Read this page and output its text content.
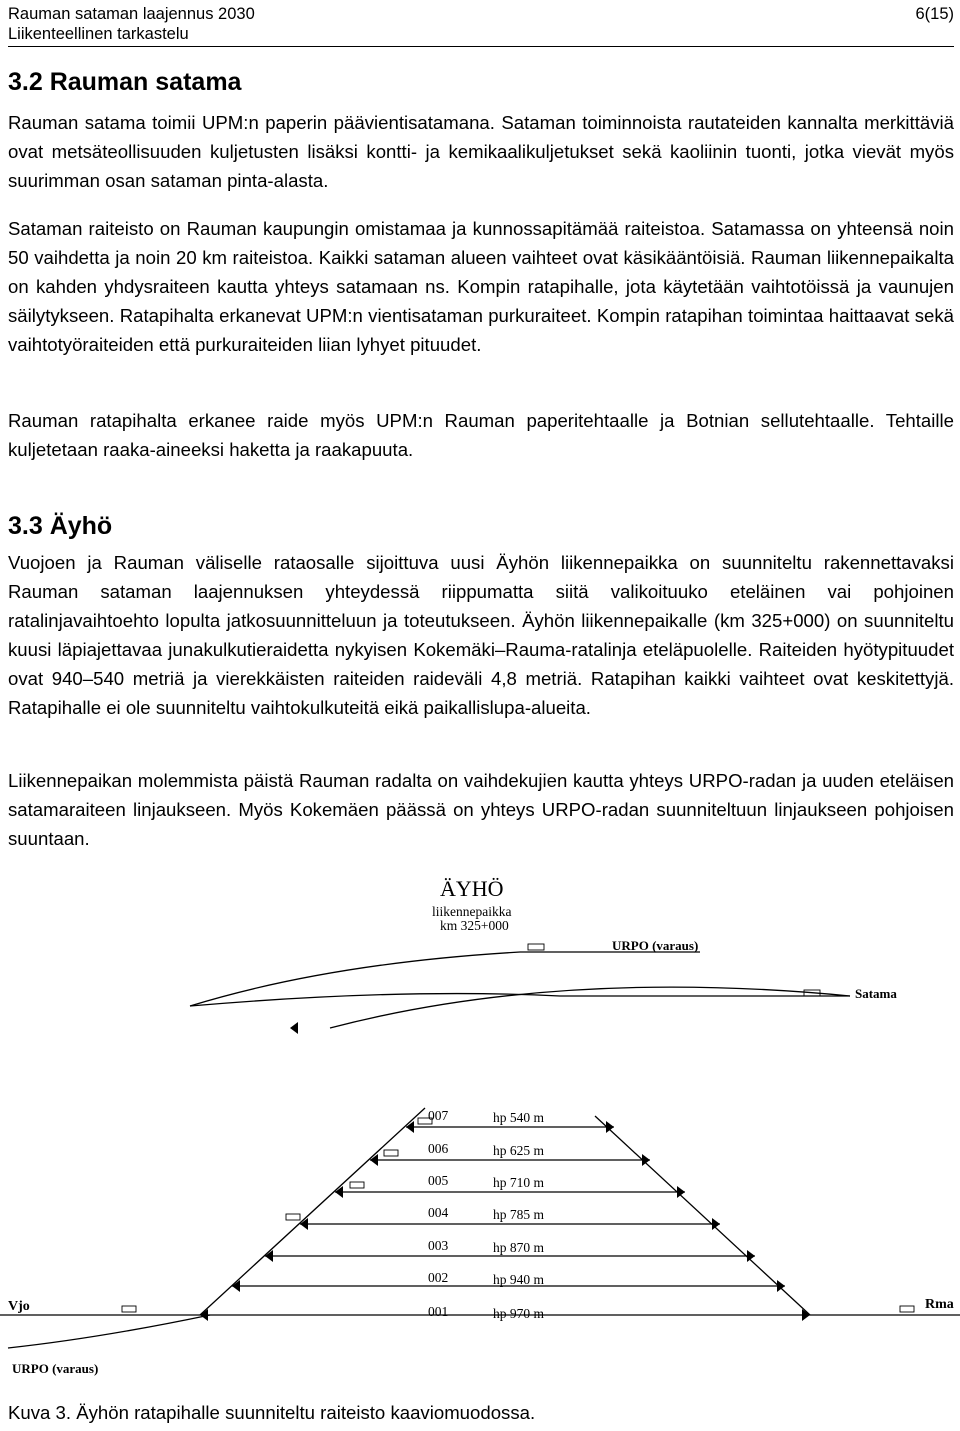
Rauman sataman laajennus 2030	6(15)
Liikenteellinen tarkastelu
3.2 Rauman satama

Rauman satama toimii UPM:n paperin päävientisatamana. Sataman toiminnoista rautateiden kannalta merkittäviä ovat metsäteollisuuden kuljetusten lisäksi kontti- ja kemikaalikuljetukset sekä kaoliinin tuonti, jotka vievät myös suurimman osan sataman pinta-alasta.

Sataman raiteisto on Rauman kaupungin omistamaa ja kunnossapitämää raiteistoa. Satamassa on yhteensä noin 50 vaihdetta ja noin 20 km raiteistoa. Kaikki sataman alueen vaihteet ovat käsikääntöisiä. Rauman liikennepaikalta on kahden yhdysraiteen kautta yhteys satamaan ns. Kompin ratapihalle, jota käytetään vaihtotöissä ja vaunujen säilytykseen. Ratapihalta erkanevat UPM:n vientisataman purkuraiteet. Kompin ratapihan toimintaa haittaavat sekä vaihtotyöraiteiden että purkuraiteiden liian lyhyet pituudet.

Rauman ratapihalta erkanee raide myös UPM:n Rauman paperitehtaalle ja Botnian sellutehtaalle. Tehtaille kuljetetaan raaka-aineeksi haketta ja raakapuuta.

3.3 Äyhö

Vuojoen ja Rauman väliselle rataosalle sijoittuva uusi Äyhön liikennepaikka on suunniteltu rakennettavaksi Rauman sataman laajennuksen yhteydessä riippumatta siitä valikoituuko eteläinen vai pohjoinen ratalinjavaihtoehto lopulta jatkosuunnitteluun ja toteutukseen. Äyhön liikennepaikalle (km 325+000) on suunniteltu kuusi läpiajettavaa junakulkutieraidetta nykyisen Kokemäki–Rauma-ratalinja eteläpuolelle. Raiteiden hyötypituudet ovat 940–540 metriä ja vierekkäisten raiteiden raideväli 4,8 metriä. Ratapihan kaikki vaihteet ovat keskitettyjä. Ratapihalle ei ole suunniteltu vaihtokulkuteitä eikä paikallislupa-alueita.

Liikennepaikan molemmista päistä Rauman radalta on vaihdekujien kautta yhteys URPO-radan ja uuden eteläisen satamaraiteen linjaukseen. Myös Kokemäen päässä on yhteys URPO-radan suunniteltuun linjaukseen pohjoisen suuntaan.

ÄYHÖ
liikennepaikka
km 325+000
URPO (varaus)
Satama
Vjo	Rma
URPO (varaus)
007	hp 540 m
006	hp 625 m
005	hp 710 m
004	hp 785 m
003	hp 870 m
002	hp 940 m
001	hp 970 m
Kuva 3. Äyhön ratapihalle suunniteltu raiteisto kaaviomuodossa.
